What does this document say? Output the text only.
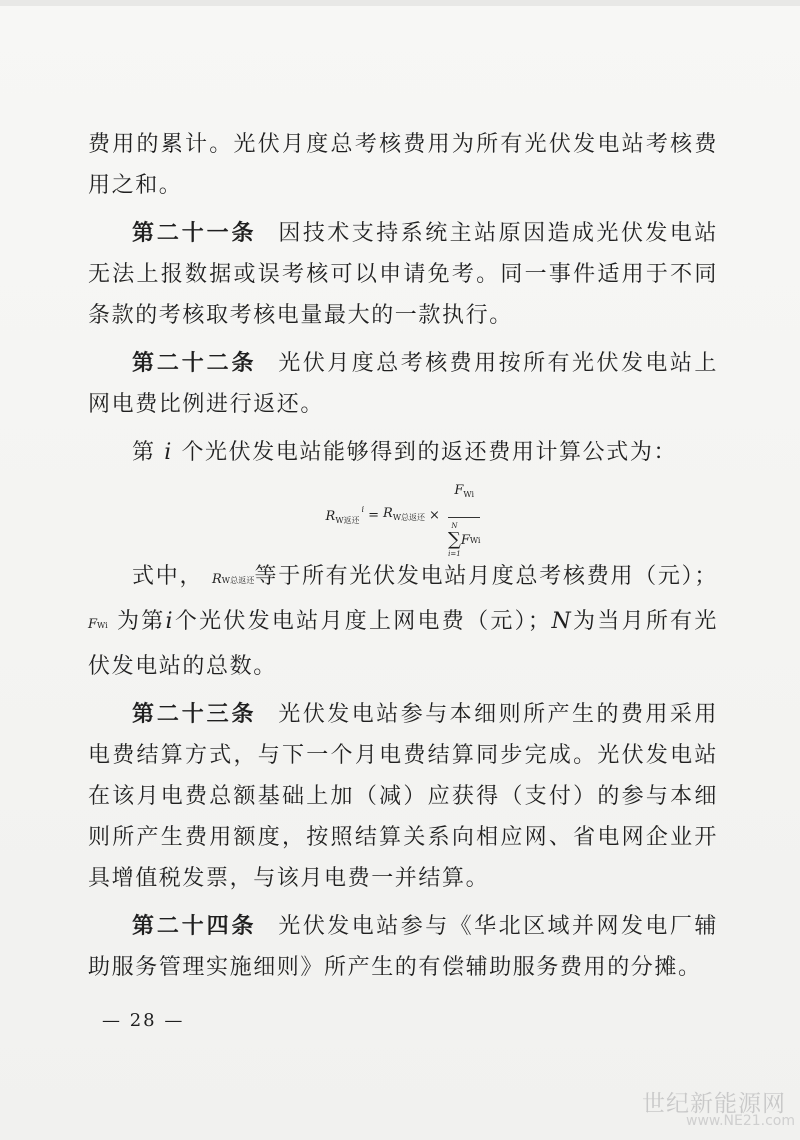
费用的累计。光伏月度总考核费用为所有光伏发电站考核费用之和。

第二十一条 因技术支持系统主站原因造成光伏发电站无法上报数据或误考核可以申请免考。同一事件适用于不同条款的考核取考核电量最大的一款执行。

第二十二条 光伏月度总考核费用按所有光伏发电站上网电费比例进行返还。

第 i 个光伏发电站能够得到的返还费用计算公式为：

$R_{W返还}^i = R_{W总返还} \times F_{Wi}$
N
∑
i=1
F Wi

式中， RW总返还等于所有光伏发电站月度总考核费用（元）； FWi 为第i个光伏发电站月度上网电费（元）；N为当月所有光伏发电站的总数。

第二十三条 光伏发电站参与本细则所产生的费用采用电费结算方式，与下一个月电费结算同步完成。光伏发电站在该月电费总额基础上加（减）应获得（支付）的参与本细则所产生费用额度，按照结算关系向相应网、省电网企业开具增值税发票，与该月电费一并结算。

第二十四条 光伏发电站参与《华北区域并网发电厂辅助服务管理实施细则》所产生的有偿辅助服务费用的分摊。

— 28 —
世纪新能源网
www.NE21.com
